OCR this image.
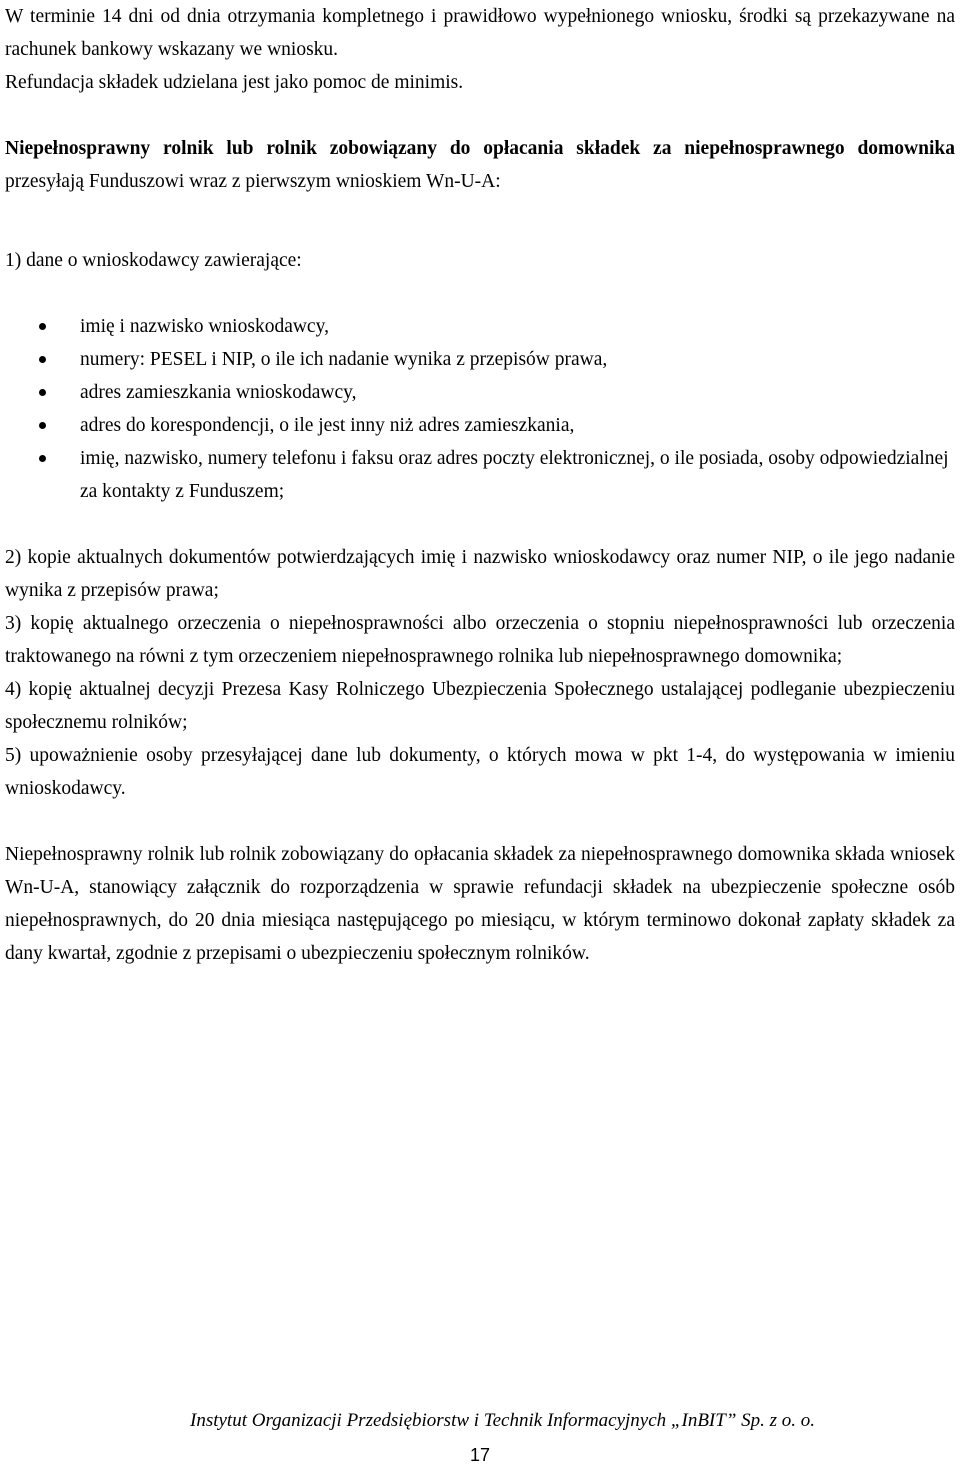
W terminie 14 dni od dnia otrzymania kompletnego i prawidłowo wypełnionego wniosku, środki są przekazywane na rachunek bankowy wskazany we wniosku.

Refundacja składek udzielana jest jako pomoc de minimis.

Niepełnosprawny rolnik lub rolnik zobowiązany do opłacania składek za niepełnosprawnego domownika przesyłają Funduszowi wraz z pierwszym wnioskiem Wn-U-A:

1) dane o wnioskodawcy zawierające:

imię i nazwisko wnioskodawcy,
numery: PESEL i NIP, o ile ich nadanie wynika z przepisów prawa,
adres zamieszkania wnioskodawcy,
adres do korespondencji, o ile jest inny niż adres zamieszkania,
imię, nazwisko, numery telefonu i faksu oraz adres poczty elektronicznej, o ile posiada, osoby odpowiedzialnej za kontakty z Funduszem;

2) kopie aktualnych dokumentów potwierdzających imię i nazwisko wnioskodawcy oraz numer NIP, o ile jego nadanie wynika z przepisów prawa;

3) kopię aktualnego orzeczenia o niepełnosprawności albo orzeczenia o stopniu niepełnosprawności lub orzeczenia traktowanego na równi z tym orzeczeniem niepełnosprawnego rolnika lub niepełnosprawnego domownika;

4) kopię aktualnej decyzji Prezesa Kasy Rolniczego Ubezpieczenia Społecznego ustalającej podleganie ubezpieczeniu społecznemu rolników;

5) upoważnienie osoby przesyłającej dane lub dokumenty, o których mowa w pkt 1-4, do występowania w imieniu wnioskodawcy.

Niepełnosprawny rolnik lub rolnik zobowiązany do opłacania składek za niepełnosprawnego domownika składa wniosek Wn-U-A, stanowiący załącznik do rozporządzenia w sprawie refundacji składek na ubezpieczenie społeczne osób niepełnosprawnych, do 20 dnia miesiąca następującego po miesiącu, w którym terminowo dokonał zapłaty składek za dany kwartał, zgodnie z przepisami o ubezpieczeniu społecznym rolników.

Instytut Organizacji Przedsiębiorstw i Technik Informacyjnych „InBIT” Sp. z o. o.
17
